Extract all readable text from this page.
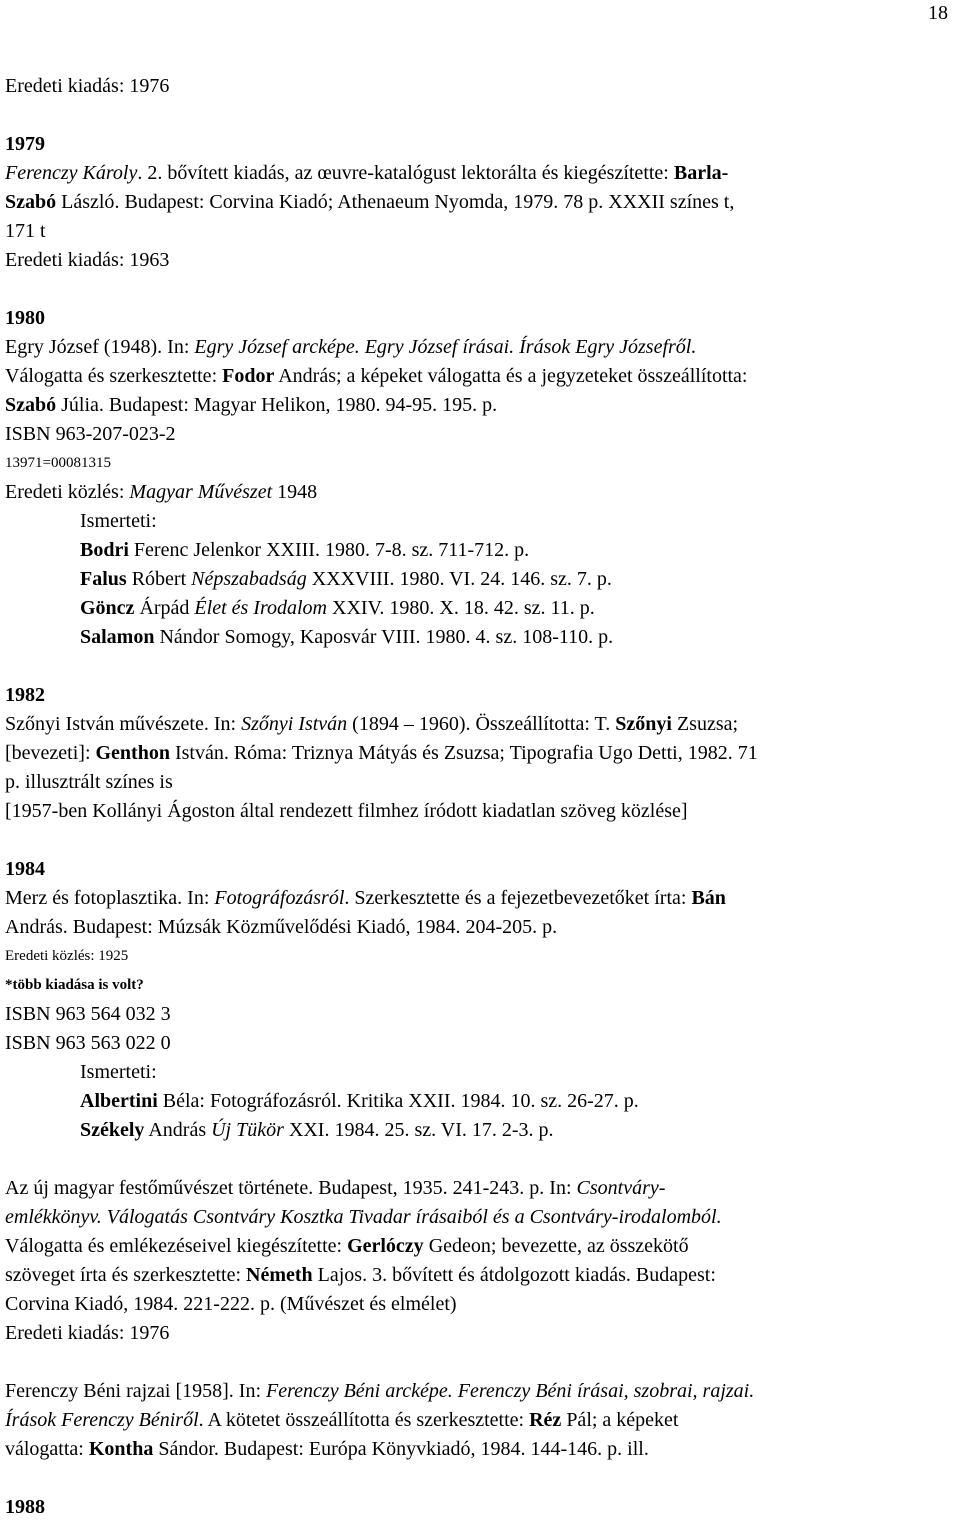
18
Eredeti kiadás: 1976
1979
Ferenczy Károly. 2. bővített kiadás, az œuvre-katalógust lektorálta és kiegészítette: Barla-
Szabó László. Budapest: Corvina Kiadó; Athenaeum Nyomda, 1979. 78 p. XXXII színes t,
171 t
Eredeti kiadás: 1963
1980
Egry József (1948). In: Egry József arcképe. Egry József írásai. Írások Egry Józsefről.
Válogatta és szerkesztette: Fodor András; a képeket válogatta és a jegyzeteket összeállította:
Szabó Júlia. Budapest: Magyar Helikon, 1980. 94-95. 195. p.
ISBN 963-207-023-2
13971=00081315
Eredeti közlés: Magyar Művészet 1948
Ismerteti:
Bodri Ferenc Jelenkor XXIII. 1980. 7-8. sz. 711-712. p.
Falus Róbert Népszabadság XXXVIII. 1980. VI. 24. 146. sz. 7. p.
Göncz Árpád Élet és Irodalom XXIV. 1980. X. 18. 42. sz. 11. p.
Salamon Nándor Somogy, Kaposvár VIII. 1980. 4. sz. 108-110. p.
1982
Szőnyi István művészete. In: Szőnyi István (1894 – 1960). Összeállította: T. Szőnyi Zsuzsa;
[bevezeti]: Genthon István. Róma: Triznya Mátyás és Zsuzsa; Tipografia Ugo Detti, 1982. 71
p. illusztrált színes is
[1957-ben Kollányi Ágoston által rendezett filmhez íródott kiadatlan szöveg közlése]
1984
Merz és fotoplasztika. In: Fotográfozásról. Szerkesztette és a fejezetbevezetőket írta: Bán
András. Budapest: Múzsák Közművelődési Kiadó, 1984. 204-205. p.
Eredeti közlés: 1925
*több kiadása is volt?
ISBN 963 564 032 3
ISBN 963 563 022 0
Ismerteti:
Albertini Béla: Fotográfozásról. Kritika XXII. 1984. 10. sz. 26-27. p.
Székely András Új Tükör XXI. 1984. 25. sz. VI. 17. 2-3. p.
Az új magyar festőművészet története. Budapest, 1935. 241-243. p. In: Csontváry-
emlékkönyv. Válogatás Csontváry Kosztka Tivadar írásaiból és a Csontváry-irodalomból.
Válogatta és emlékezéseivel kiegészítette: Gerlóczy Gedeon; bevezette, az összekötő
szöveget írta és szerkesztette: Németh Lajos. 3. bővített és átdolgozott kiadás. Budapest:
Corvina Kiadó, 1984. 221-222. p. (Művészet és elmélet)
Eredeti kiadás: 1976
Ferenczy Béni rajzai [1958]. In: Ferenczy Béni arcképe. Ferenczy Béni írásai, szobrai, rajzai.
Írások Ferenczy Béniről. A kötetet összeállította és szerkesztette: Réz Pál; a képeket
válogatta: Kontha Sándor. Budapest: Európa Könyvkiadó, 1984. 144-146. p. ill.
1988
